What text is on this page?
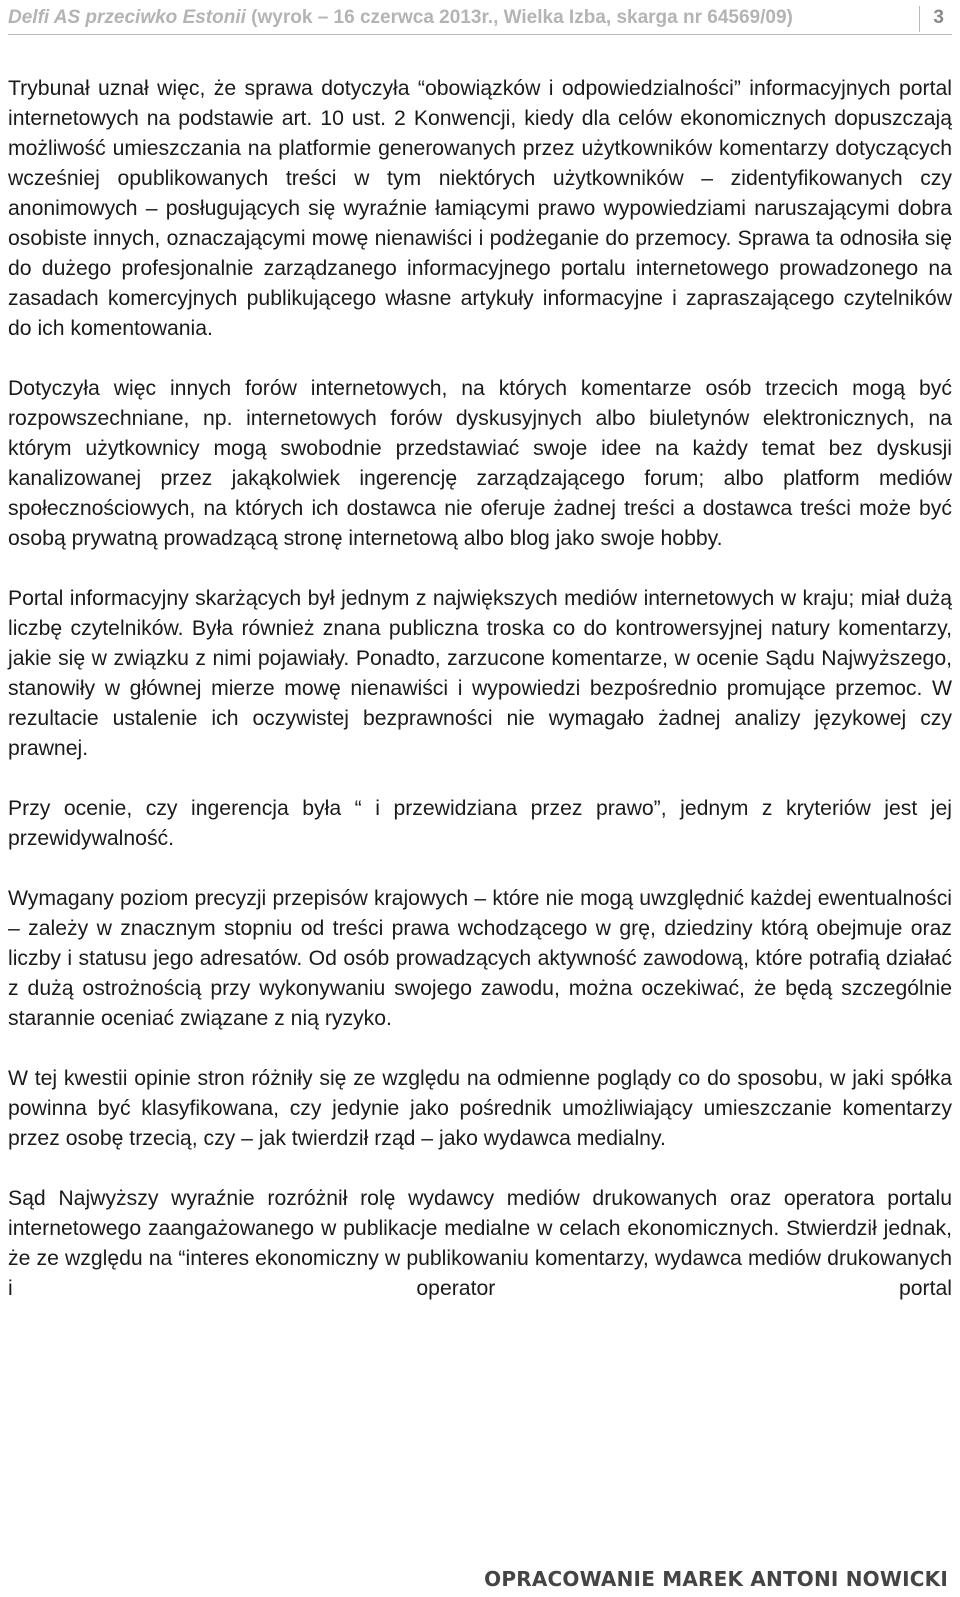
Delfi AS przeciwko Estonii (wyrok – 16 czerwca 2013r., Wielka Izba, skarga nr 64569/09)	3

Trybunał uznał więc, że sprawa dotyczyła “obowiązków i odpowiedzialności” informacyjnych portal internetowych na podstawie art. 10 ust. 2 Konwencji, kiedy dla celów ekonomicznych dopuszczają możliwość umieszczania na platformie generowanych przez użytkowników komentarzy dotyczących wcześniej opublikowanych treści w tym niektórych użytkowników – zidentyfikowanych czy anonimowych – posługujących się wyraźnie łamiącymi prawo wypowiedziami naruszającymi dobra osobiste innych, oznaczającymi mowę nienawiści i podżeganie do przemocy. Sprawa ta odnosiła się do dużego profesjonalnie zarządzanego informacyjnego portalu internetowego prowadzonego na zasadach komercyjnych publikującego własne artykuły informacyjne i zapraszającego czytelników do ich komentowania.

Dotyczyła więc innych forów internetowych, na których komentarze osób trzecich mogą być rozpowszechniane, np. internetowych forów dyskusyjnych albo biuletynów elektronicznych, na którym użytkownicy mogą swobodnie przedstawiać swoje idee na każdy temat bez dyskusji kanalizowanej przez jakąkolwiek ingerencję zarządzającego forum; albo platform mediów społecznościowych, na których ich dostawca nie oferuje żadnej treści a dostawca treści może być osobą prywatną prowadzącą stronę internetową albo blog jako swoje hobby.

Portal informacyjny skarżących był jednym z największych mediów internetowych w kraju; miał dużą liczbę czytelników. Była również znana publiczna troska co do kontrowersyjnej natury komentarzy, jakie się w związku z nimi pojawiały. Ponadto, zarzucone komentarze, w ocenie Sądu Najwyższego, stanowiły w głównej mierze mowę nienawiści i wypowiedzi bezpośrednio promujące przemoc. W rezultacie ustalenie ich oczywistej bezprawności nie wymagało żadnej analizy językowej czy prawnej.

Przy ocenie, czy ingerencja była “ i przewidziana przez prawo”, jednym z kryteriów jest jej przewidywalność.

Wymagany poziom precyzji przepisów krajowych – które nie mogą uwzględnić każdej ewentualności – zależy w znacznym stopniu od treści prawa wchodzącego w grę, dziedziny którą obejmuje oraz liczby i statusu jego adresatów. Od osób prowadzących aktywność zawodową, które potrafią działać z dużą ostrożnością przy wykonywaniu swojego zawodu, można oczekiwać, że będą szczególnie starannie oceniać związane z nią ryzyko.

W tej kwestii opinie stron różniły się ze względu na odmienne poglądy co do sposobu, w jaki spółka powinna być klasyfikowana, czy jedynie jako pośrednik umożliwiający umieszczanie komentarzy przez osobę trzecią, czy – jak twierdził rząd – jako wydawca medialny.

Sąd Najwyższy wyraźnie rozróżnił rolę wydawcy mediów drukowanych oraz operatora portalu internetowego zaangażowanego w publikacje medialne w celach ekonomicznych. Stwierdził jednak, że ze względu na “interes ekonomiczny w publikowaniu komentarzy, wydawca mediów drukowanych i operator portal

OPRACOWANIE MAREK ANTONI NOWICKI
